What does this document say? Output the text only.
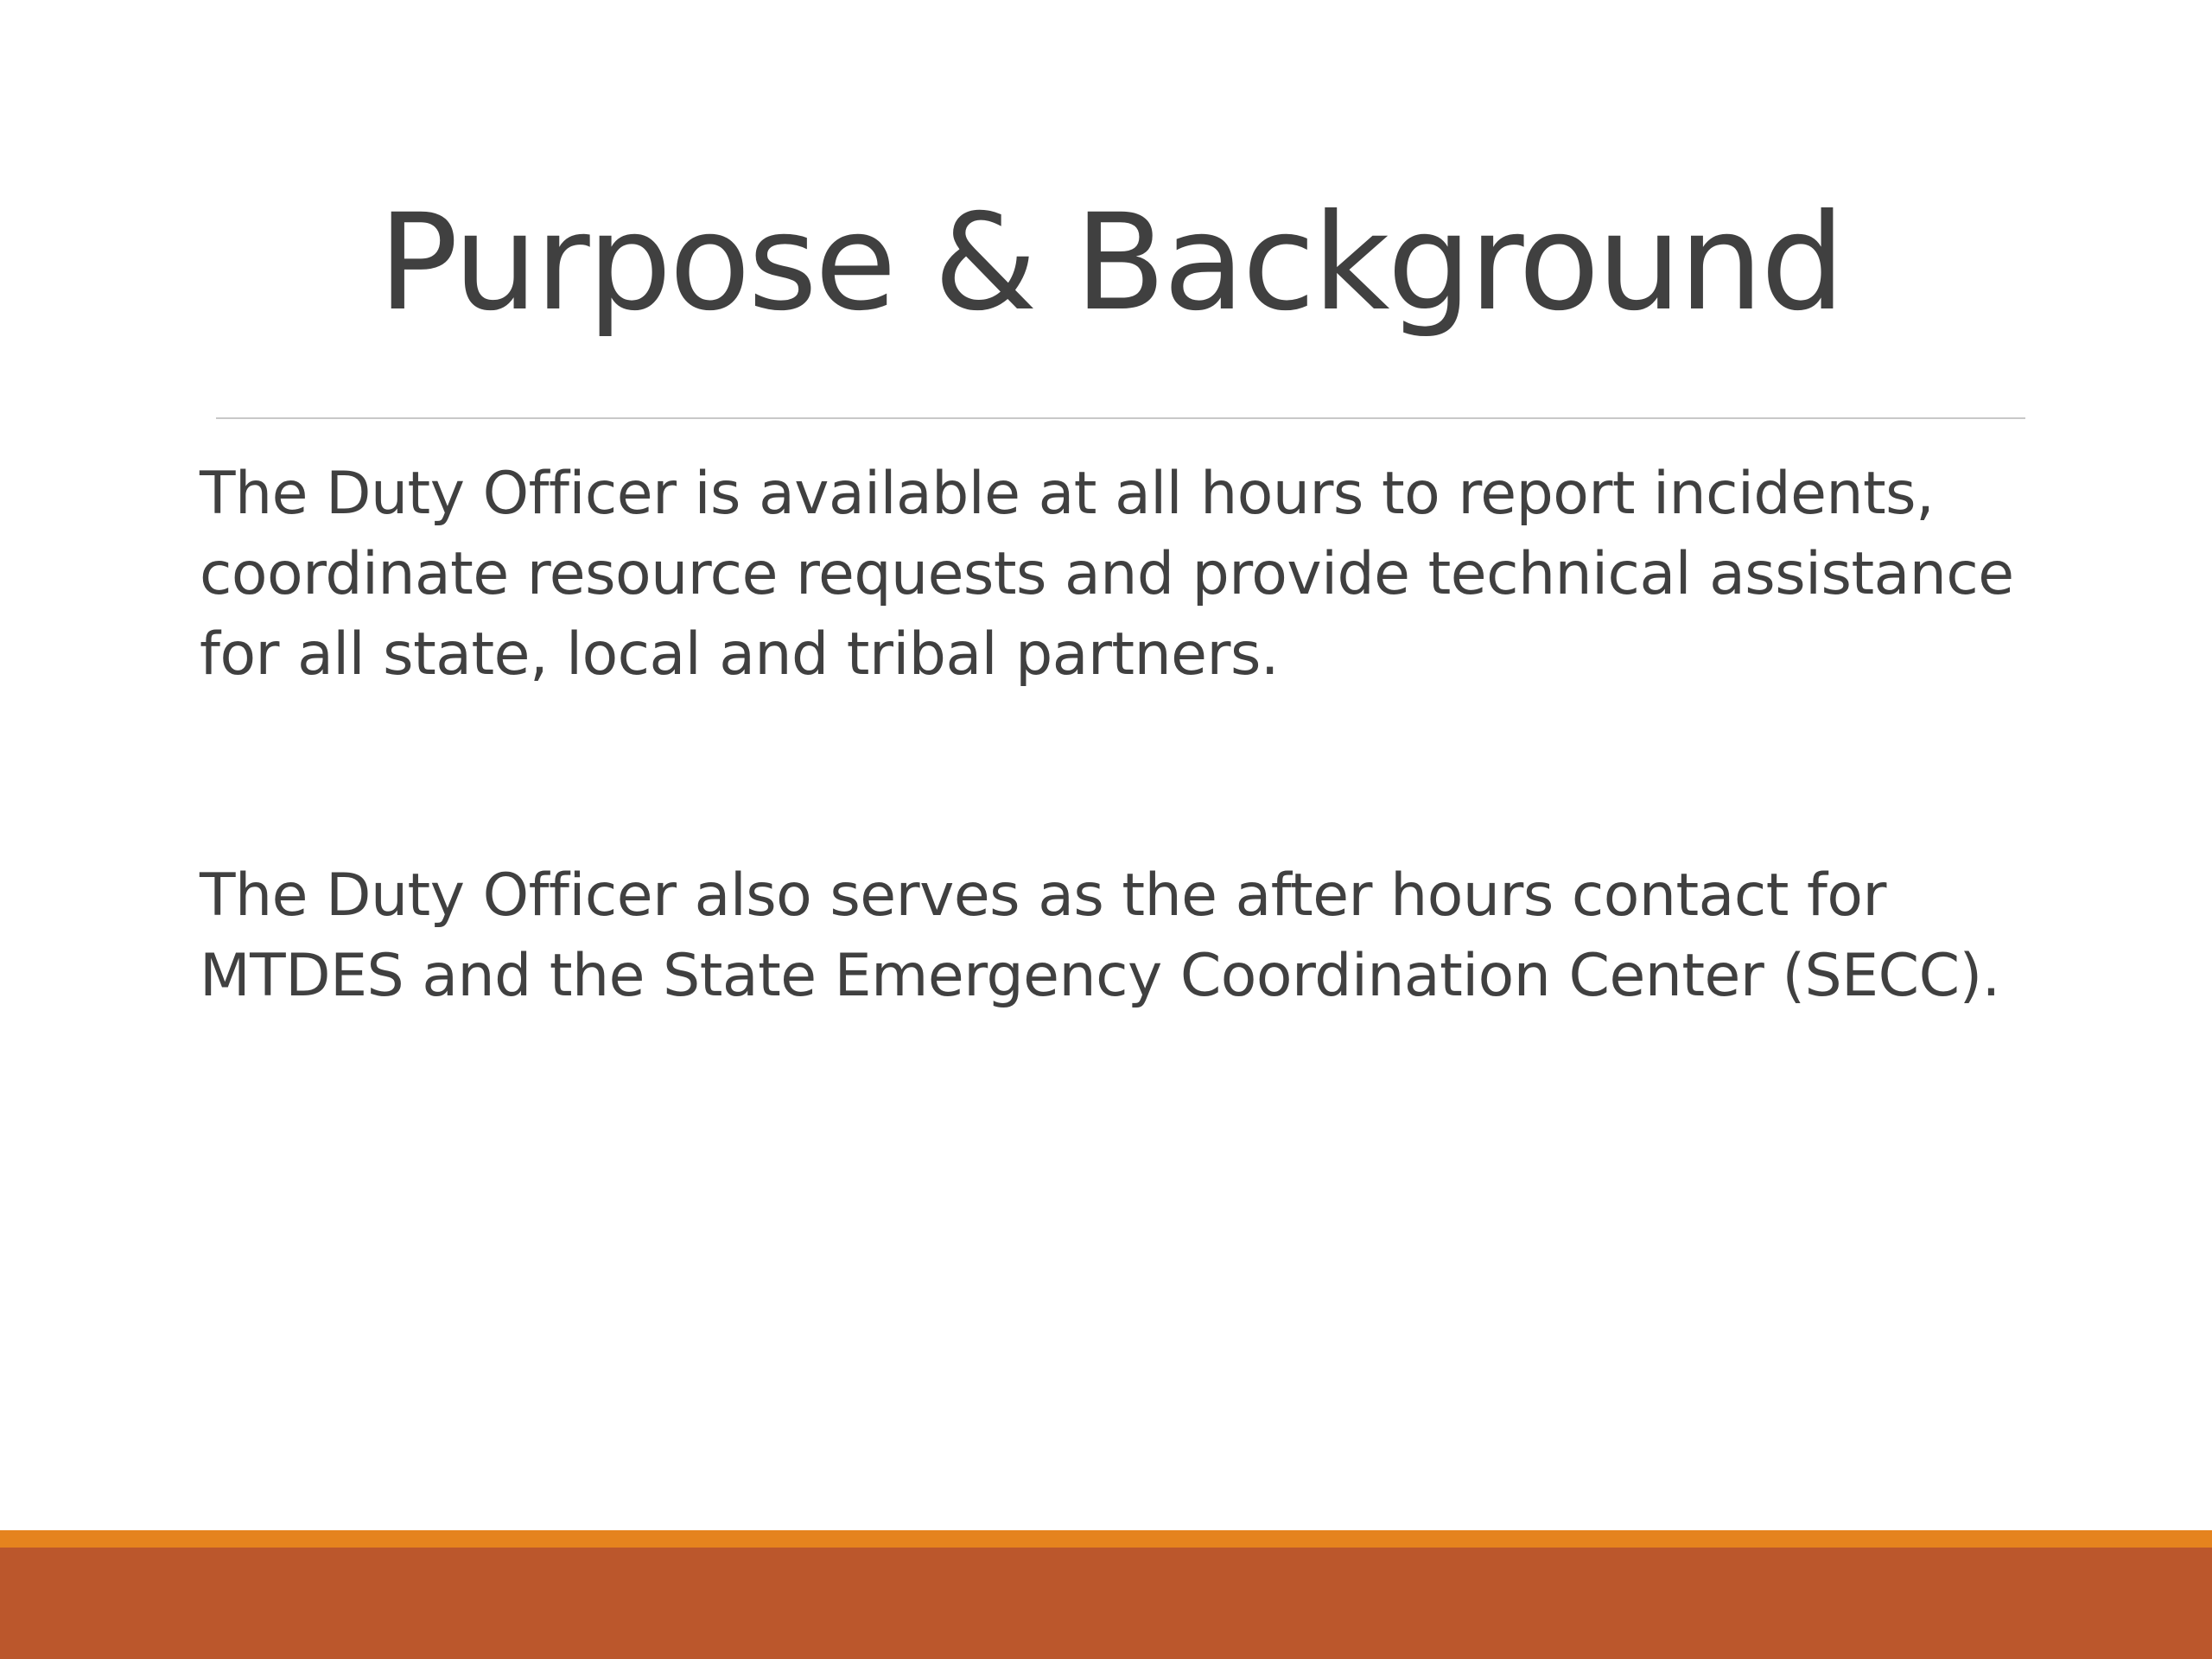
Purpose & Background

The Duty Officer is available at all hours to report incidents, coordinate resource requests and provide technical assistance for all state, local and tribal partners.

The Duty Officer also serves as the after hours contact for MTDES and the State Emergency Coordination Center (SECC).
